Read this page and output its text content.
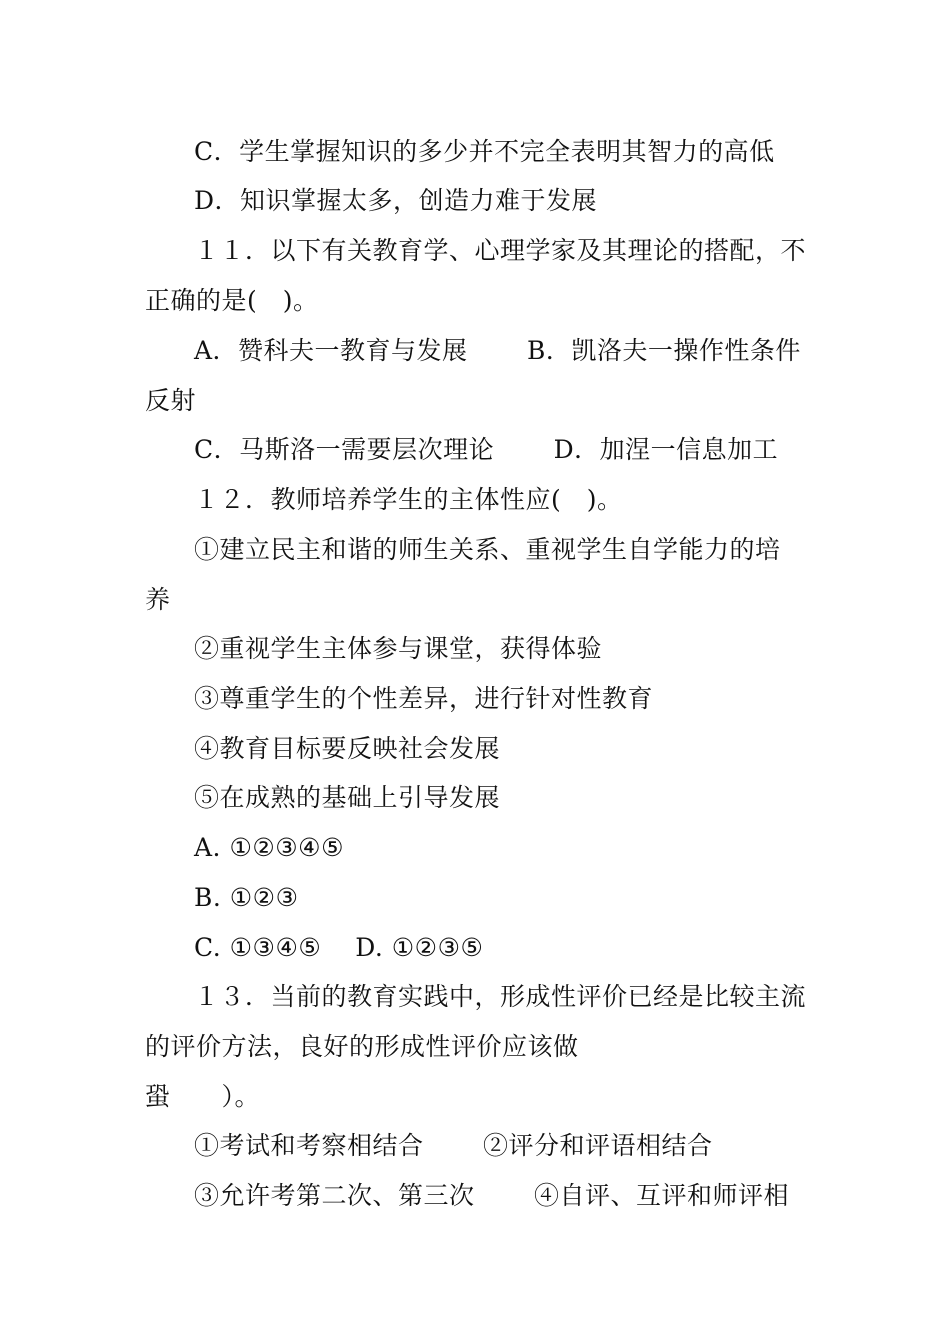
C．学生掌握知识的多少并不完全表明其智力的高低
D．知识掌握太多，创造力难于发展
１１．以下有关教育学、心理学家及其理论的搭配，不
正确的是(　)。
A．赞科夫一教育与发展　　 B．凯洛夫一操作性条件
反射
C．马斯洛一需要层次理论　　 D．加涅一信息加工
１２．教师培养学生的主体性应(　)。
①建立民主和谐的师生关系、重视学生自学能力的培
养
②重视学生主体参与课堂，获得体验
③尊重学生的个性差异，进行针对性教育
④教育目标要反映社会发展
⑤在成熟的基础上引导发展
A. ①②③④⑤
B. ①②③
C. ①③④⑤　 D. ①②③⑤
１３．当前的教育实践中，形成性评价已经是比较主流
的评价方法，良好的形成性评价应该做
蛩　　）。
①考试和考察相结合　　 ②评分和评语相结合
③允许考第二次、第三次　　 ④自评、互评和师评相
